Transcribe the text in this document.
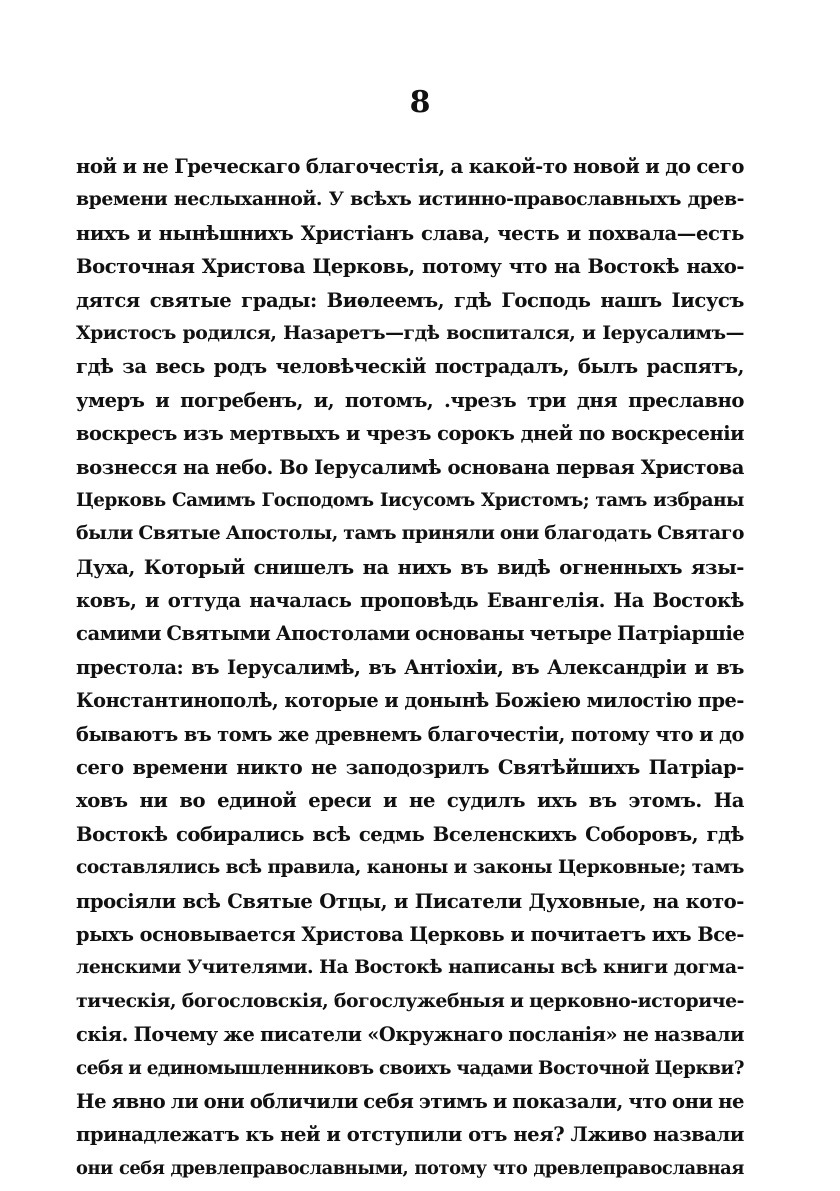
8
ной и не Греческаго благочестія, а какой-то новой и до сего
времени неслыханной. У всѣхъ истинно-православныхъ древ-
нихъ и нынѣшнихъ Христіанъ слава, честь и похвала—есть
Восточная Христова Церковь, потому что на Востокѣ нахо-
дятся святые грады: Виѳлеемъ, гдѣ Господь нашъ Іисусъ
Христосъ родился, Назаретъ—гдѣ воспитался, и Іерусалимъ—
гдѣ за весь родъ человѣческій пострадалъ, былъ распятъ,
умеръ и погребенъ, и, потомъ, .чрезъ три дня преславно
воскресъ изъ мертвыхъ и чрезъ сорокъ дней по воскресеніи
вознесся на небо. Во Іерусалимѣ основана первая Христова
Церковь Самимъ Господомъ Іисусомъ Христомъ; тамъ избраны
были Святые Апостолы, тамъ приняли они благодать Святаго
Духа, Который снишелъ на нихъ въ видѣ огненныхъ язы-
ковъ, и оттуда началась проповѣдь Евангелія. На Востокѣ
самими Святыми Апостолами основаны четыре Патріаршіе
престола: въ Іерусалимѣ, въ Антіохіи, въ Александріи и въ
Константинополѣ, которые и донынѣ Божіею милостію пре-
бываютъ въ томъ же древнемъ благочестіи, потому что и до
сего времени никто не заподозрилъ Святѣйшихъ Патріар-
ховъ ни во единой ереси и не судилъ ихъ въ этомъ. На
Востокѣ собирались всѣ седмь Вселенскихъ Соборовъ, гдѣ
составлялись всѣ правила, каноны и законы Церковные; тамъ
просіяли всѣ Святые Отцы, и Писатели Духовные, на кото-
рыхъ основывается Христова Церковь и почитаетъ ихъ Все-
ленскими Учителями. На Востокѣ написаны всѣ книги догма-
тическія, богословскія, богослужебныя и церковно-историче-
скія. Почему же писатели «Окружнаго посланія» не назвали
себя и единомышленниковъ своихъ чадами Восточной Церкви?
Не явно ли они обличили себя этимъ и показали, что они не
принадлежатъ къ ней и отступили отъ нея? Лживо назвали
они себя древлеправославными, потому что древлеправославная
